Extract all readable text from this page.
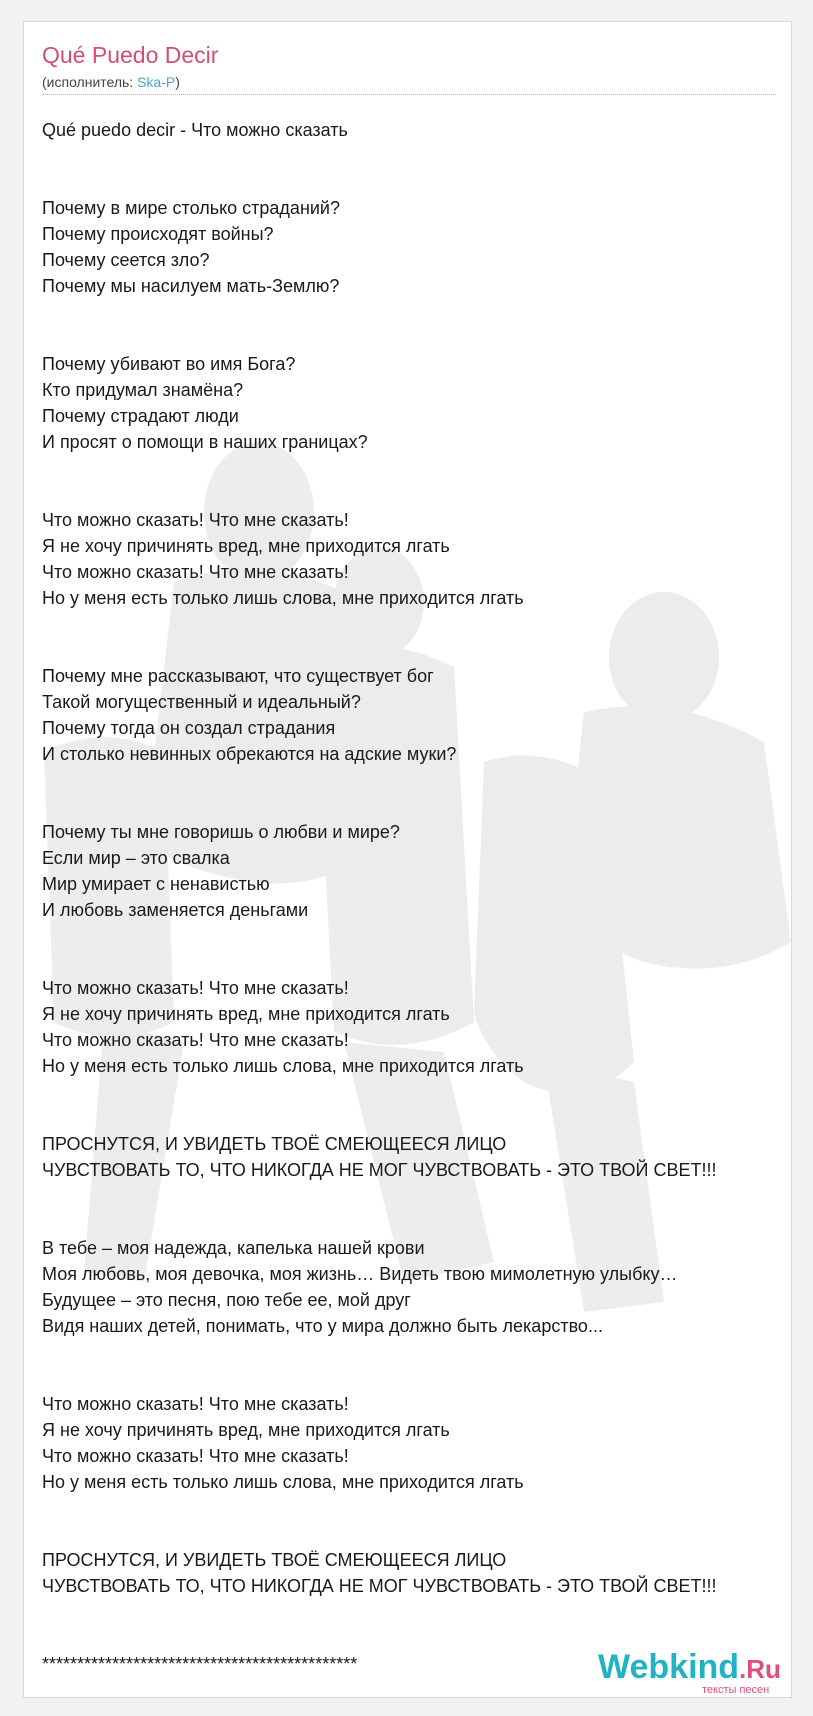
Qué Puedo Decir
(исполнитель: Ska-P)
Qué puedo decir - Что можно сказать
Почему в мире столько страданий?
Почему происходят войны?
Почему сеется зло?
Почему мы насилуем мать-Землю?
Почему убивают во имя Бога?
Кто придумал знамёна?
Почему страдают люди
И просят о помощи в наших границах?
Что можно сказать! Что мне сказать!
Я не хочу причинять вред, мне приходится лгать
Что можно сказать! Что мне сказать!
Но у меня есть только лишь слова, мне приходится лгать
Почему мне рассказывают, что существует бог
Такой могущественный и идеальный?
Почему тогда он создал страдания
И столько невинных обрекаются на адские муки?
Почему ты мне говоришь о любви и мире?
Если мир – это свалка
Мир умирает с ненавистью
И любовь заменяется деньгами
Что можно сказать! Что мне сказать!
Я не хочу причинять вред, мне приходится лгать
Что можно сказать! Что мне сказать!
Но у меня есть только лишь слова, мне приходится лгать
ПРОСНУТСЯ, И УВИДЕТЬ ТВОЁ СМЕЮЩЕЕСЯ ЛИЦО
ЧУВСТВОВАТЬ ТО, ЧТО НИКОГДА НЕ МОГ ЧУВСТВОВАТЬ - ЭТО ТВОЙ СВЕТ!!!
В тебе – моя надежда, капелька нашей крови
Моя любовь, моя девочка, моя жизнь… Видеть твою мимолетную улыбку…
Будущее – это песня, пою тебе ее, мой друг
Видя наших детей, понимать, что у мира должно быть лекарство...
Что можно сказать! Что мне сказать!
Я не хочу причинять вред, мне приходится лгать
Что можно сказать! Что мне сказать!
Но у меня есть только лишь слова, мне приходится лгать
ПРОСНУТСЯ, И УВИДЕТЬ ТВОЁ СМЕЮЩЕЕСЯ ЛИЦО
ЧУВСТВОВАТЬ ТО, ЧТО НИКОГДА НЕ МОГ ЧУВСТВОВАТЬ - ЭТО ТВОЙ СВЕТ!!!
*********************************************	Webkind.Ru
тексты песен
